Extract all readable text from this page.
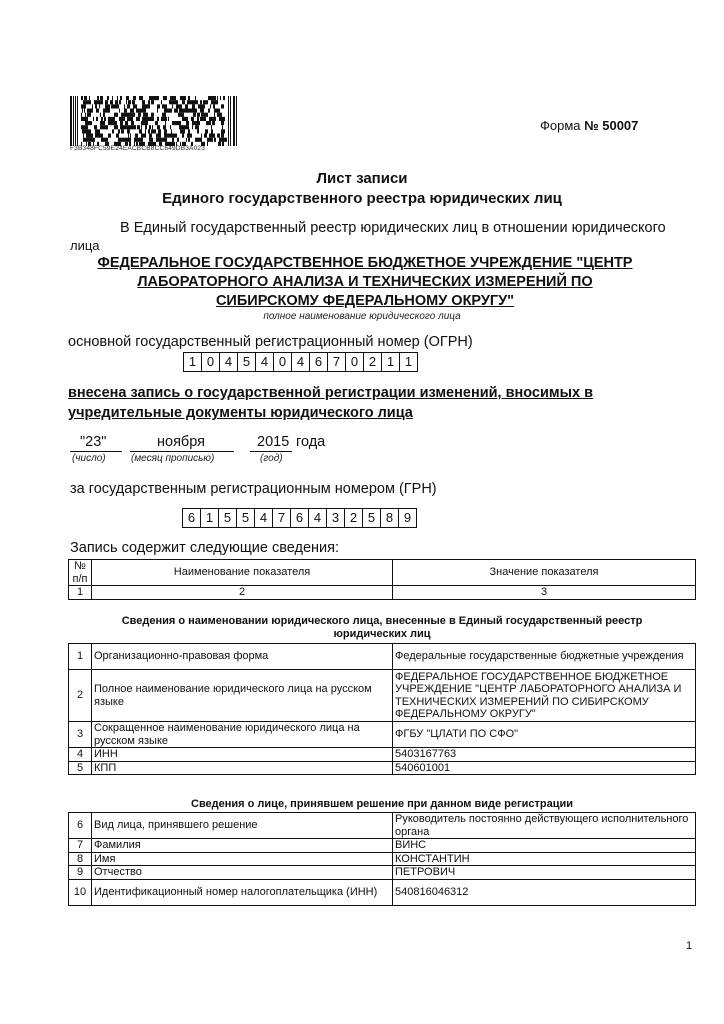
F3B348FC59E24EACBCB8CC649DB3A023
Форма № 50007
Лист записи
Единого государственного реестра юридических лиц
В Единый государственный реестр юридических лиц в отношении юридического
лица
ФЕДЕРАЛЬНОЕ ГОСУДАРСТВЕННОЕ БЮДЖЕТНОЕ УЧРЕЖДЕНИЕ "ЦЕНТР
ЛАБОРАТОРНОГО АНАЛИЗА И ТЕХНИЧЕСКИХ ИЗМЕРЕНИЙ ПО
СИБИРСКОМУ ФЕДЕРАЛЬНОМУ ОКРУГУ"
полное наименование юридического лица
основной государственный регистрационный номер (ОГРН)
1 0 4 5 4 0 4 6 7 0 2 1 1
внесена запись о государственной регистрации изменений, вносимых в
учредительные документы юридического лица
"23"
(число)
ноября
(месяц прописью)
2015 года
(год)
за государственным регистрационным номером (ГРН)
6 1 5 5 4 7 6 4 3 2 5 8 9
Запись содержит следующие сведения:
№ п/п	Наименование показателя	Значение показателя
1	2	3
Сведения о наименовании юридического лица, внесенные в Единый государственный реестр
юридических лиц
1	Организационно-правовая форма	Федеральные государственные бюджетные учреждения
2	Полное наименование юридического лица на русском языке	ФЕДЕРАЛЬНОЕ ГОСУДАРСТВЕННОЕ БЮДЖЕТНОЕ УЧРЕЖДЕНИЕ "ЦЕНТР ЛАБОРАТОРНОГО АНАЛИЗА И ТЕХНИЧЕСКИХ ИЗМЕРЕНИЙ ПО СИБИРСКОМУ ФЕДЕРАЛЬНОМУ ОКРУГУ"
3	Сокращенное наименование юридического лица на русском языке	ФГБУ "ЦЛАТИ ПО СФО"
4	ИНН	5403167763
5	КПП	540601001
Сведения о лице, принявшем решение при данном виде регистрации
6	Вид лица, принявшего решение	Руководитель постоянно действующего исполнительного органа
7	Фамилия	ВИНС
8	Имя	КОНСТАНТИН
9	Отчество	ПЕТРОВИЧ
10	Идентификационный номер налогоплательщика (ИНН)	540816046312
1
